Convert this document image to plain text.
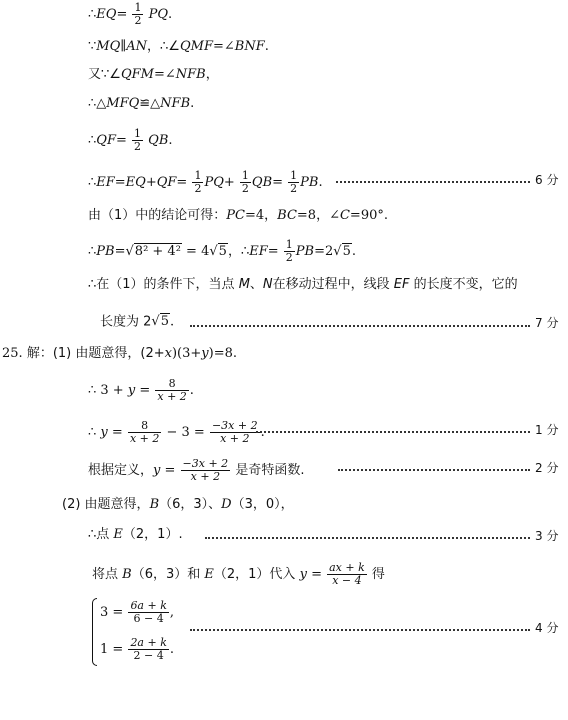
∴EQ= $\frac{1}{2}$ PQ.
∵MQ∥AN，∴∠QMF=∠BNF.
又∵∠QFM=∠NFB，
∴△MFQ≌△NFB.
∴QF= $\frac{1}{2}$ QB.
∴EF=EQ+QF= $\frac{1}{2} PQ+ \frac{1}{2} QB= \frac{1}{2}$ PB.	6 分
由（1）中的结论可得：PC=4，BC=8，∠C=90°.
∴PB=√8² + 4² = 4√5，∴EF= $\frac{1}{2} PB=2√5$.
∴在（1）的条件下，当点 M、N在移动过程中，线段 EF 的长度不变，它的
长度为 2√5.	7 分
25. 解：(1) 由题意得，(2+x)(3+y)=8.
∴ $3 + y = \frac{8}{x + 2}$ .
∴ $y = \frac{8}{x + 2} - 3 = \frac{-3x + 2}{x + 2}$ .	1 分
根据定义，$y = \frac{-3x + 2}{x + 2}$ 是奇特函数.	2 分
(2) 由题意得，B（6，3）、D（3，0），
∴点 E（2，1）.	3 分
将点 B（6，3）和 E（2，1）代入 $y = \frac{ax + k}{x - 4}$ 得
$3 = \frac{6a + k}{6 - 4}$ ,
$1 = \frac{2a + k}{2 - 4}$ .
4 分
